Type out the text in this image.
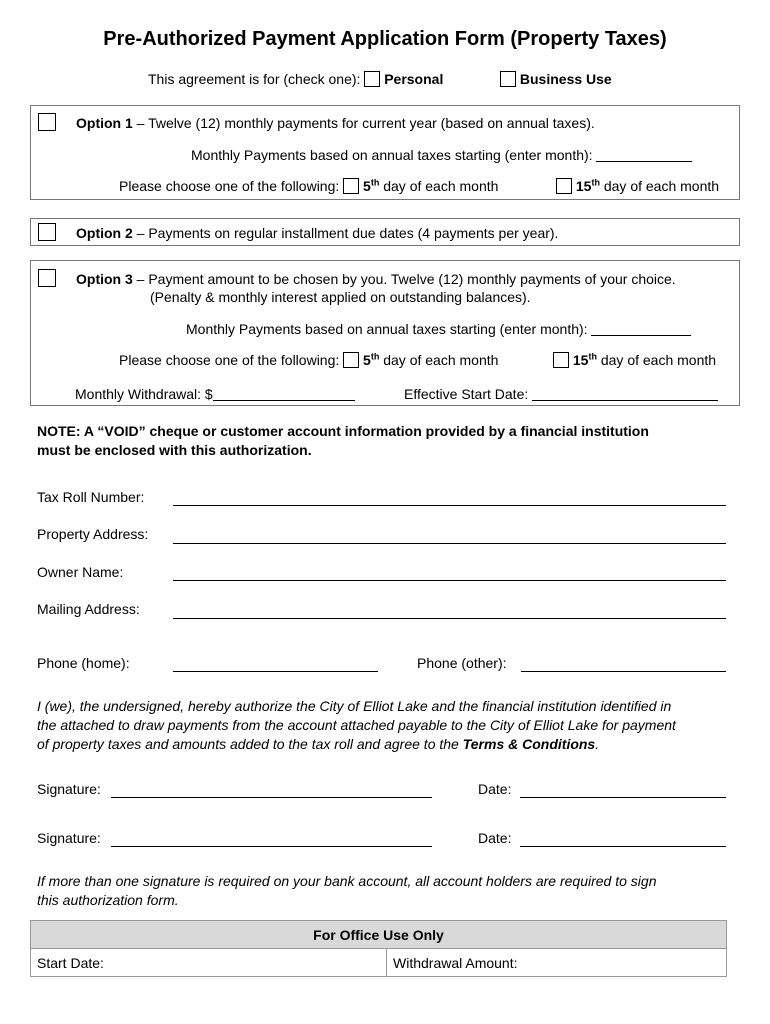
Pre-Authorized Payment Application Form (Property Taxes)
This agreement is for (check one): Personal	Business Use
Option 1 – Twelve (12) monthly payments for current year (based on annual taxes).
Monthly Payments based on annual taxes starting (enter month):
Please choose one of the following: 5th day of each month	15th day of each month
Option 2 – Payments on regular installment due dates (4 payments per year).
Option 3 – Payment amount to be chosen by you. Twelve (12) monthly payments of your choice.
(Penalty & monthly interest applied on outstanding balances).
Monthly Payments based on annual taxes starting (enter month):
Please choose one of the following: 5th day of each month	15th day of each month
Monthly Withdrawal: $	Effective Start Date:
NOTE: A “VOID” cheque or customer account information provided by a financial institution
must be enclosed with this authorization.
Tax Roll Number:
Property Address:
Owner Name:
Mailing Address:
Phone (home):	Phone (other):
I (we), the undersigned, hereby authorize the City of Elliot Lake and the financial institution identified in
the attached to draw payments from the account attached payable to the City of Elliot Lake for payment
of property taxes and amounts added to the tax roll and agree to the Terms & Conditions.
Signature:	Date:
Signature:	Date:
If more than one signature is required on your bank account, all account holders are required to sign
this authorization form.
For Office Use Only
Start Date:	Withdrawal Amount:
